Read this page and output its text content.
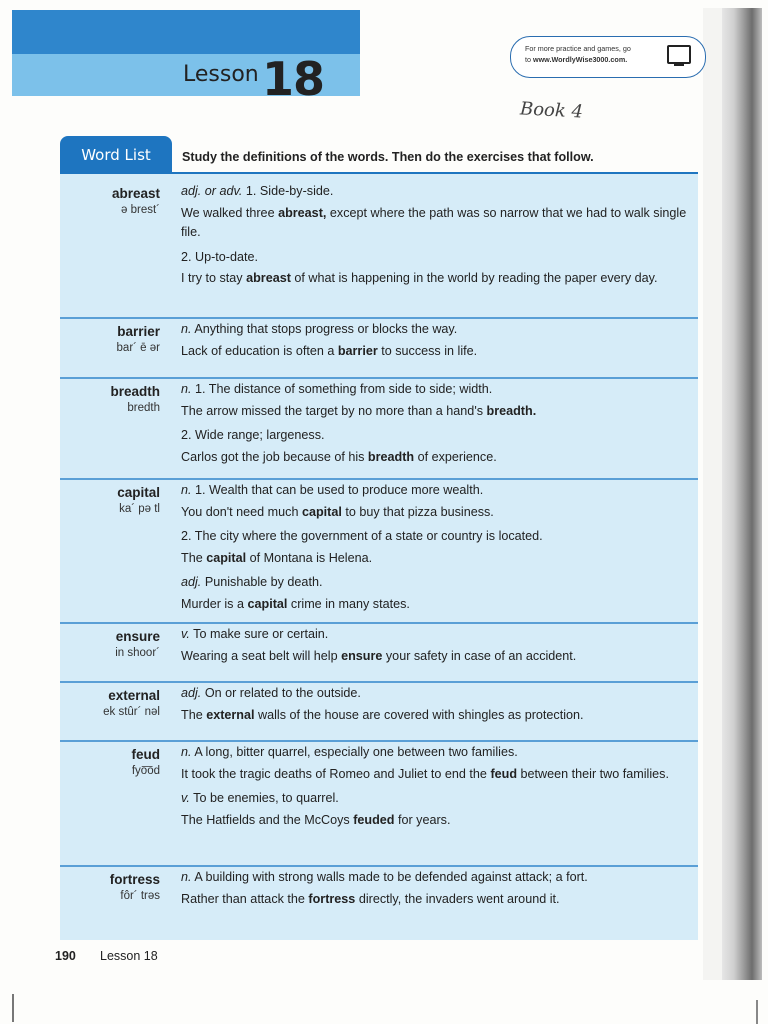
Lesson 18
For more practice and games, go
to www.WordlyWise3000.com.
Book 4
Word List	Study the definitions of the words. Then do the exercises that follow.
abreast
ə brest´
adj. or adv. 1. Side-by-side.
We walked three abreast, except where the path was so narrow that we had to walk single file.
2. Up-to-date.
I try to stay abreast of what is happening in the world by reading the paper every day.
barrier
bar´ ē ər
n. Anything that stops progress or blocks the way.
Lack of education is often a barrier to success in life.
breadth
bredth
n. 1. The distance of something from side to side; width.
The arrow missed the target by no more than a hand's breadth.
2. Wide range; largeness.
Carlos got the job because of his breadth of experience.
capital
ka´ pə tl
n. 1. Wealth that can be used to produce more wealth.
You don't need much capital to buy that pizza business.
2. The city where the government of a state or country is located.
The capital of Montana is Helena.
adj. Punishable by death.
Murder is a capital crime in many states.
ensure
in shoor´
v. To make sure or certain.
Wearing a seat belt will help ensure your safety in case of an accident.
external
ek stûr´ nəl
adj. On or related to the outside.
The external walls of the house are covered with shingles as protection.
feud
fyo͞od
n. A long, bitter quarrel, especially one between two families.
It took the tragic deaths of Romeo and Juliet to end the feud between their two families.
v. To be enemies, to quarrel.
The Hatfields and the McCoys feuded for years.
fortress
fôr´ trəs
n. A building with strong walls made to be defended against attack; a fort.
Rather than attack the fortress directly, the invaders went around it.
190 Lesson 18
